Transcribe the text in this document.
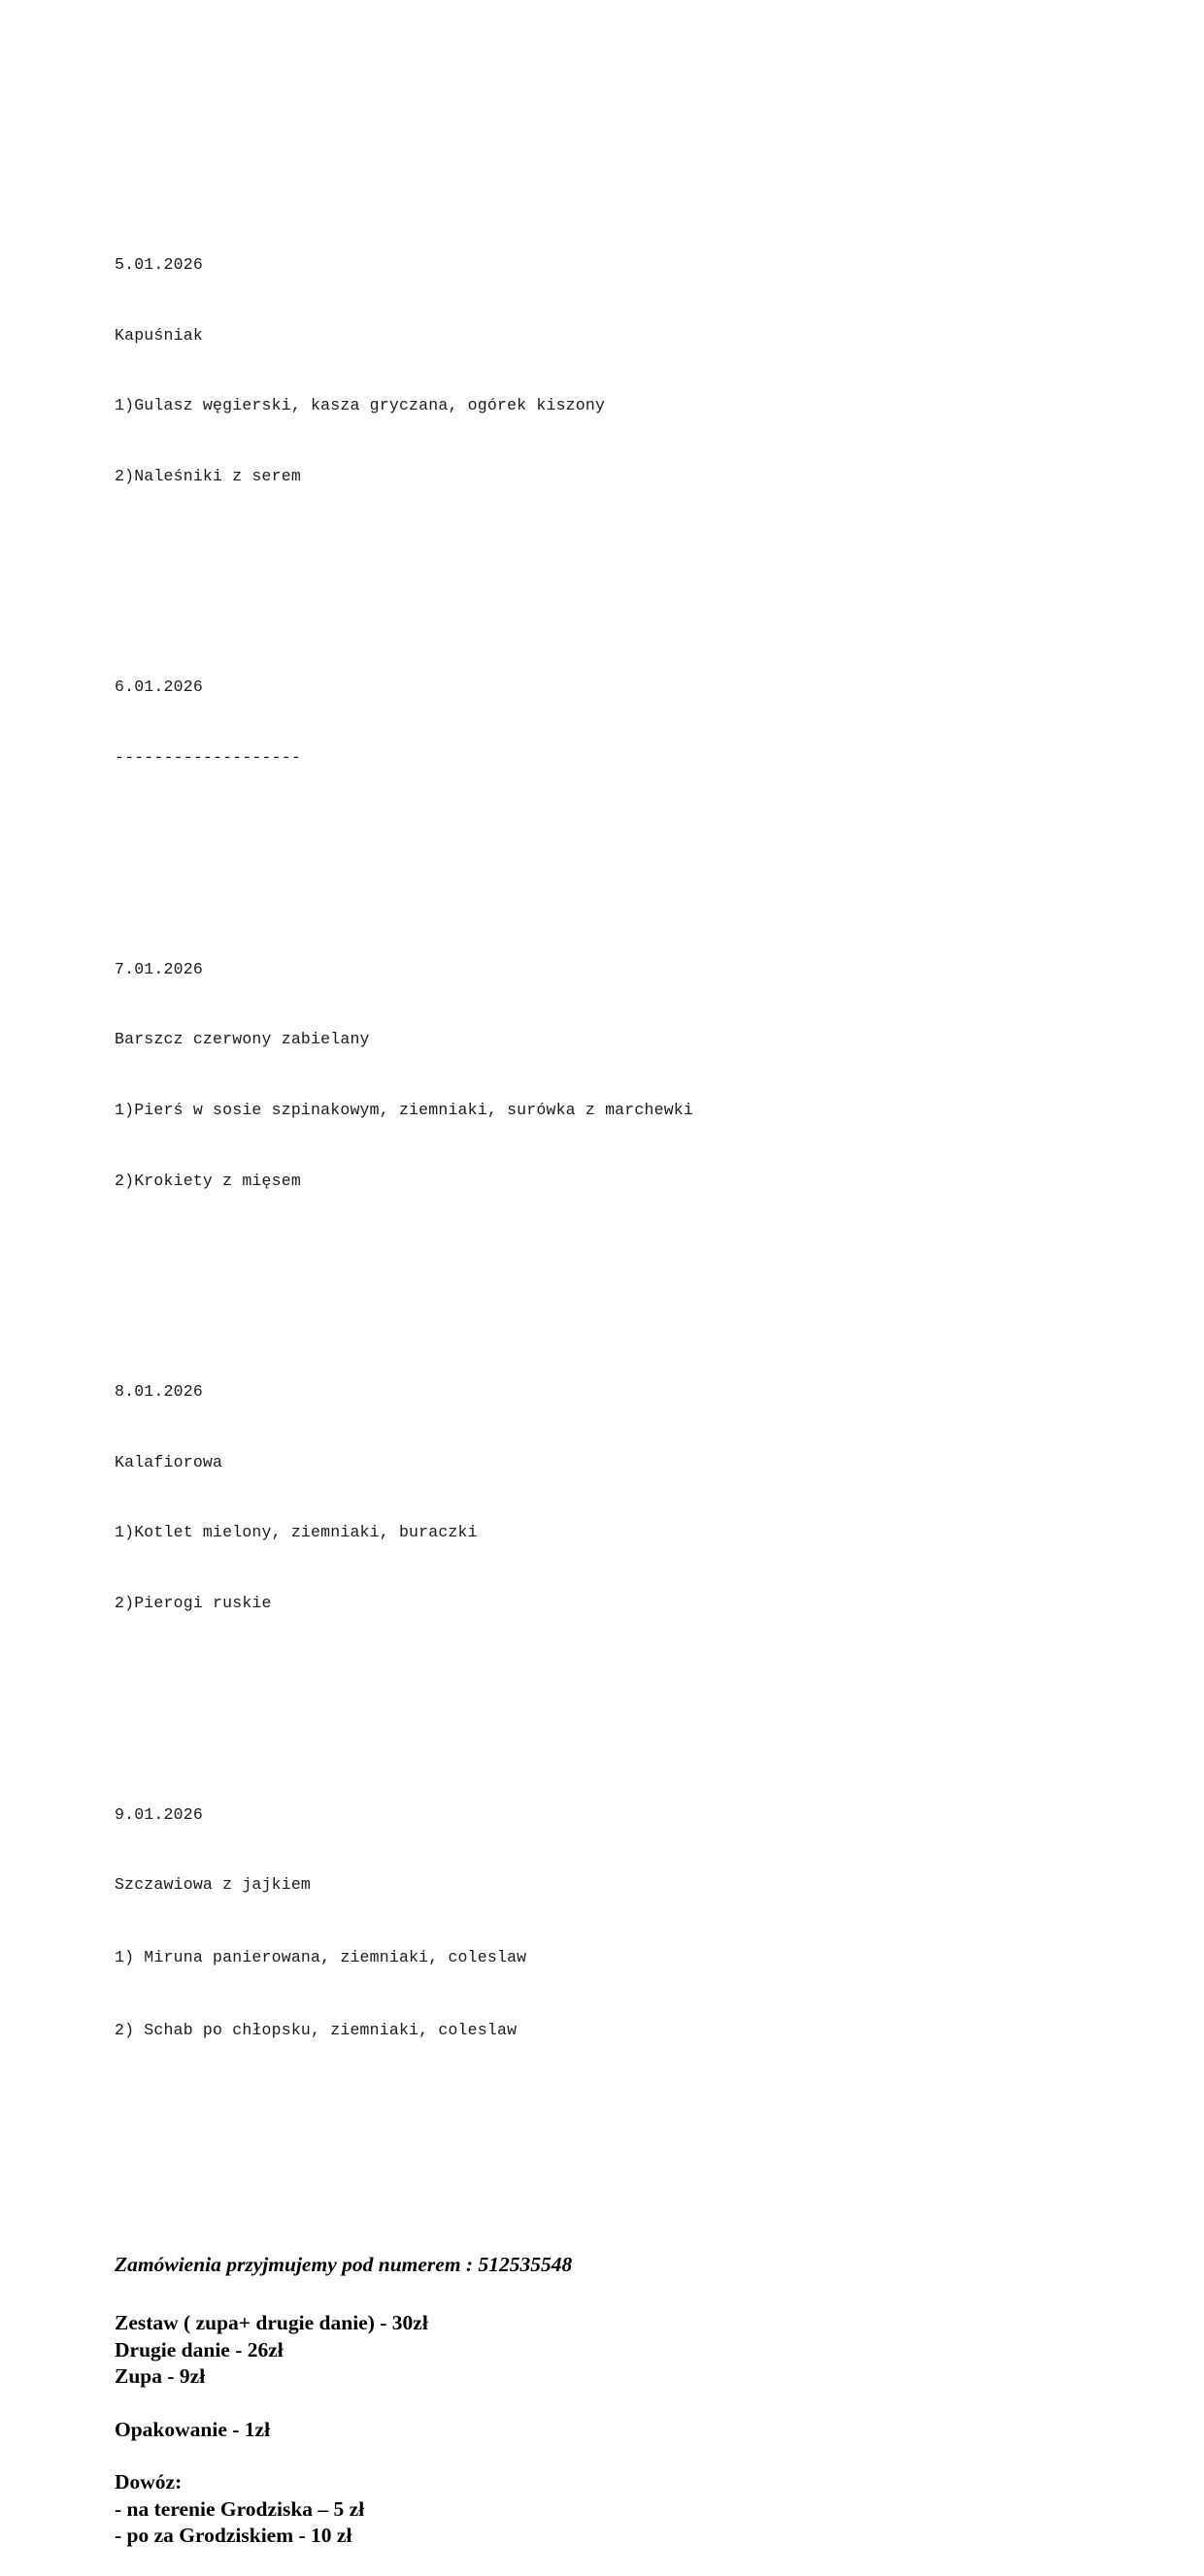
5.01.2026

Kapuśniak

1)Gulasz węgierski, kasza gryczana, ogórek kiszony

2)Naleśniki z serem

6.01.2026

-------------------

7.01.2026

Barszcz czerwony zabielany

1)Pierś w sosie szpinakowym, ziemniaki, surówka z marchewki

2)Krokiety z mięsem

8.01.2026

Kalafiorowa

1)Kotlet mielony, ziemniaki, buraczki

2)Pierogi ruskie

9.01.2026

Szczawiowa z jajkiem

1) Miruna panierowana, ziemniaki, coleslaw

2) Schab po chłopsku, ziemniaki, coleslaw

Zamówienia przyjmujemy pod numerem : 512535548
Zestaw ( zupa+ drugie danie) - 30zł
Drugie danie - 26zł
Zupa - 9zł
Opakowanie - 1zł
Dowóz:
- na terenie Grodziska – 5 zł
- po za Grodziskiem - 10 zł
